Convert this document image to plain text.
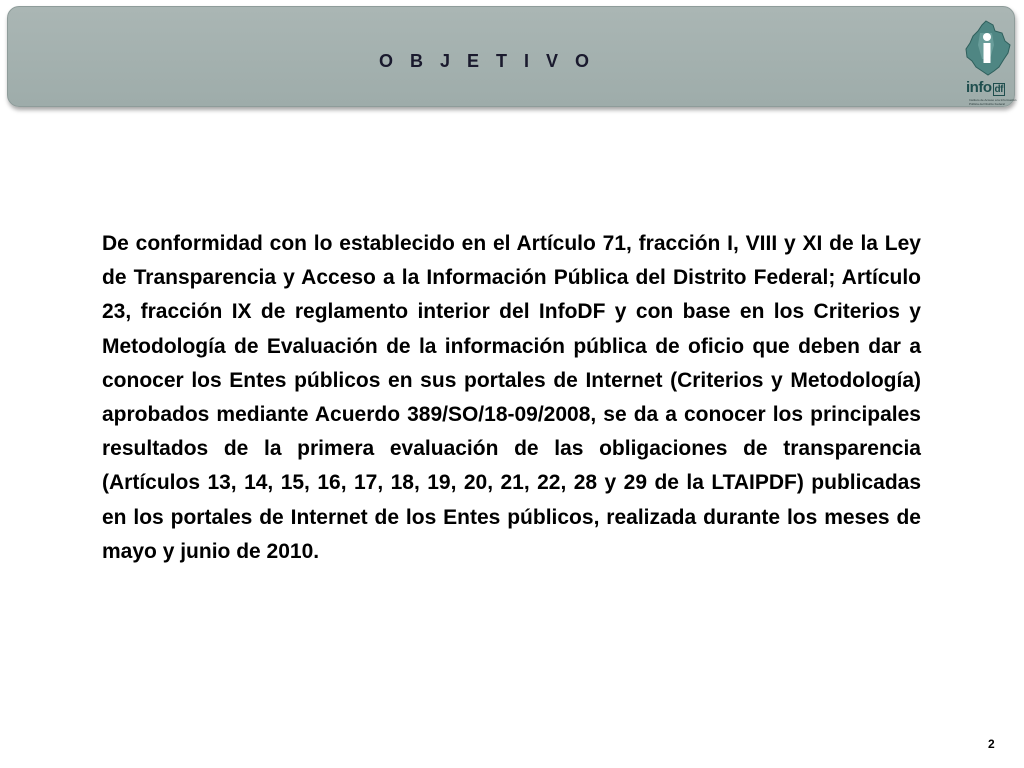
O B J E T I V O
info df
Instituto de Acceso a la Información Pública del Distrito Federal

De conformidad con lo establecido en el Artículo 71, fracción I, VIII y XI de la Ley de Transparencia y Acceso a la Información Pública del Distrito Federal; Artículo 23, fracción IX de reglamento interior del InfoDF y con base en los Criterios y Metodología de Evaluación de la información pública de oficio que deben dar a conocer los Entes públicos en sus portales de Internet (Criterios y Metodología) aprobados mediante Acuerdo 389/SO/18-09/2008, se da a conocer los principales resultados de la primera evaluación de las obligaciones de transparencia (Artículos 13, 14, 15, 16, 17, 18, 19, 20, 21, 22, 28 y 29 de la LTAIPDF) publicadas en los portales de Internet de los Entes públicos, realizada durante los meses de mayo y junio de 2010.

2
